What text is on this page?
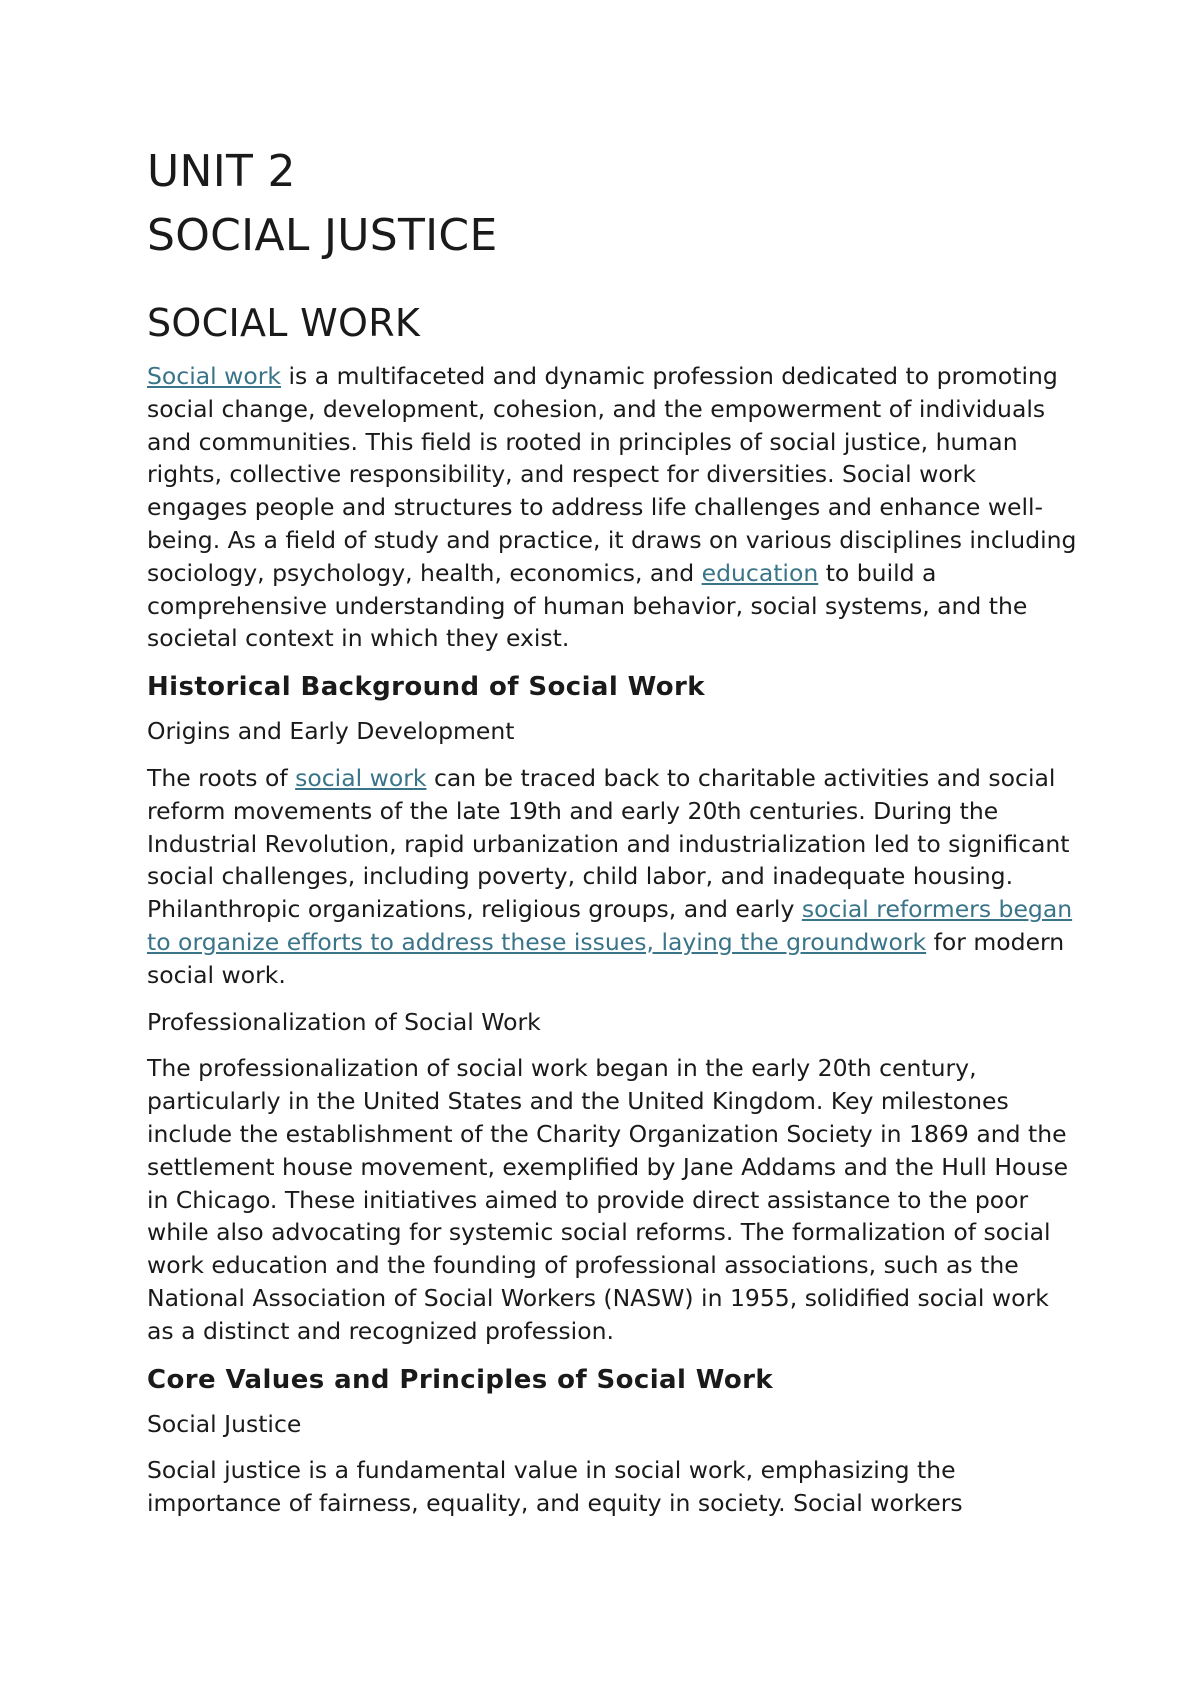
UNIT 2
SOCIAL JUSTICE
SOCIAL WORK

Social work is a multifaceted and dynamic profession dedicated to promoting social change, development, cohesion, and the empowerment of individuals and communities. This field is rooted in principles of social justice, human rights, collective responsibility, and respect for diversities. Social work engages people and structures to address life challenges and enhance well-being. As a field of study and practice, it draws on various disciplines including sociology, psychology, health, economics, and education to build a comprehensive understanding of human behavior, social systems, and the societal context in which they exist.

Historical Background of Social Work

Origins and Early Development

The roots of social work can be traced back to charitable activities and social reform movements of the late 19th and early 20th centuries. During the Industrial Revolution, rapid urbanization and industrialization led to significant social challenges, including poverty, child labor, and inadequate housing. Philanthropic organizations, religious groups, and early social reformers began to organize efforts to address these issues, laying the groundwork for modern social work.

Professionalization of Social Work

The professionalization of social work began in the early 20th century, particularly in the United States and the United Kingdom. Key milestones include the establishment of the Charity Organization Society in 1869 and the settlement house movement, exemplified by Jane Addams and the Hull House in Chicago. These initiatives aimed to provide direct assistance to the poor while also advocating for systemic social reforms. The formalization of social work education and the founding of professional associations, such as the National Association of Social Workers (NASW) in 1955, solidified social work as a distinct and recognized profession.

Core Values and Principles of Social Work

Social Justice

Social justice is a fundamental value in social work, emphasizing the importance of fairness, equality, and equity in society. Social workers
